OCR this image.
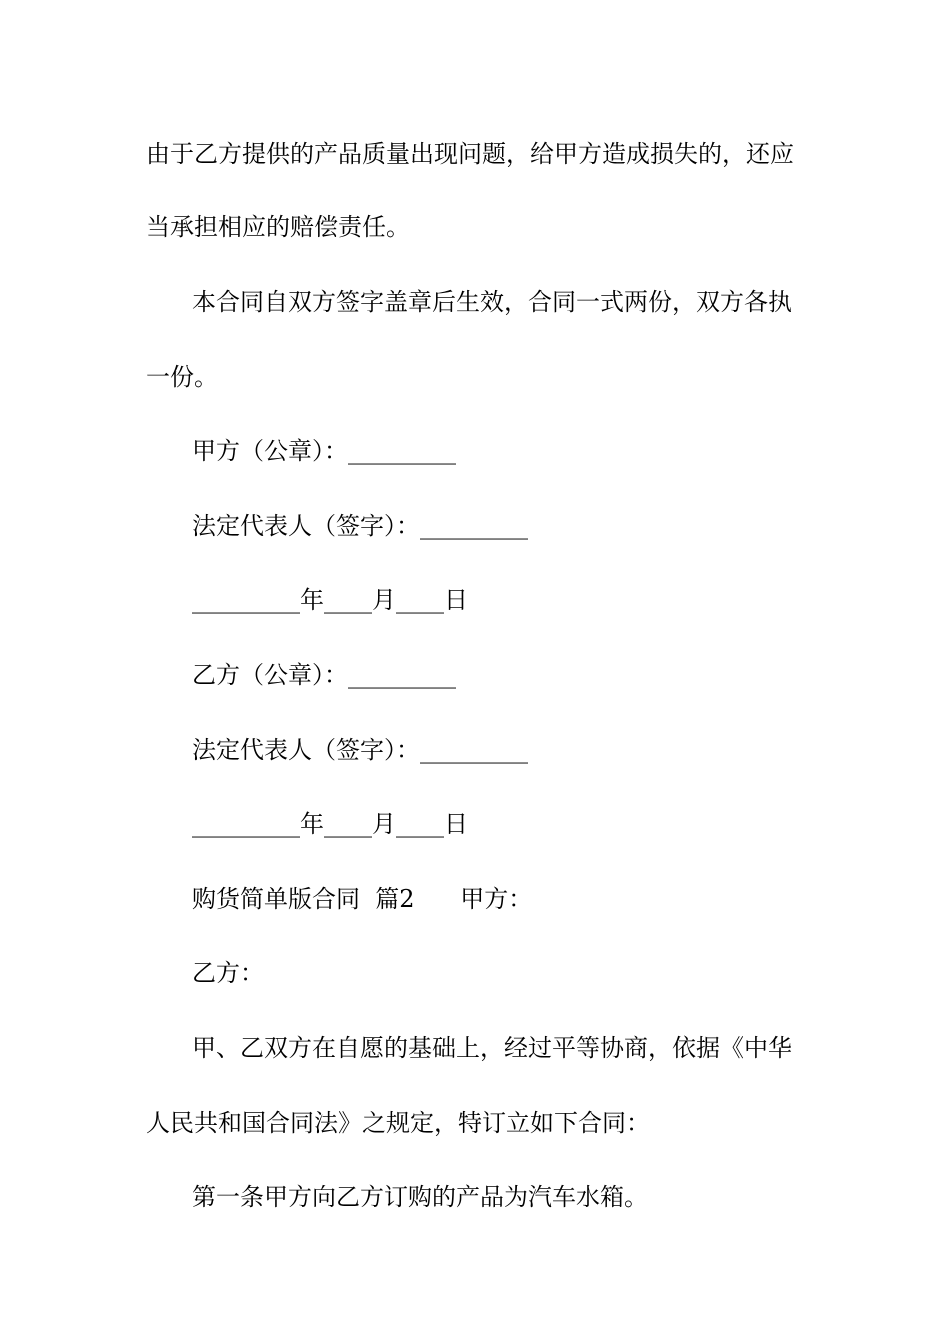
由于乙方提供的产品质量出现问题，给甲方造成损失的，还应
当承担相应的赔偿责任。
本合同自双方签字盖章后生效，合同一式两份，双方各执
一份。
甲方（公章）：_________
法定代表人（签字）：_________
_________年____月____日
乙方（公章）：_________
法定代表人（签字）：_________
_________年____月____日
购货简单版合同  篇2      甲方：
乙方：
甲、乙双方在自愿的基础上，经过平等协商，依据《中华
人民共和国合同法》之规定，特订立如下合同：
第一条甲方向乙方订购的产品为汽车水箱。
